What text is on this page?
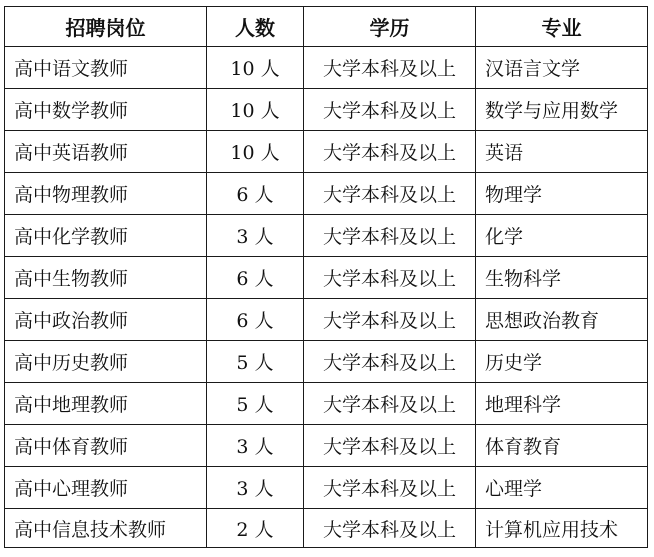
招聘岗位	人数	学历	专业
高中语文教师	10 人	大学本科及以上	汉语言文学
高中数学教师	10 人	大学本科及以上	数学与应用数学
高中英语教师	10 人	大学本科及以上	英语
高中物理教师	6 人	大学本科及以上	物理学
高中化学教师	3 人	大学本科及以上	化学
高中生物教师	6 人	大学本科及以上	生物科学
高中政治教师	6 人	大学本科及以上	思想政治教育
高中历史教师	5 人	大学本科及以上	历史学
高中地理教师	5 人	大学本科及以上	地理科学
高中体育教师	3 人	大学本科及以上	体育教育
高中心理教师	3 人	大学本科及以上	心理学
高中信息技术教师	2 人	大学本科及以上	计算机应用技术
